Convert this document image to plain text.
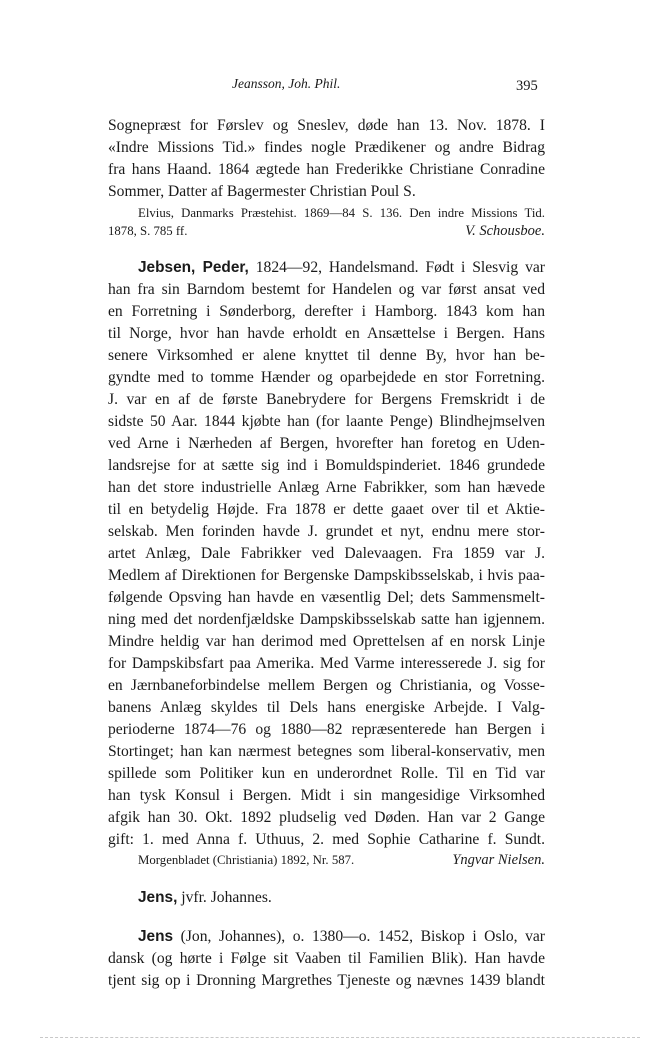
Jeansson, Joh. Phil.	395
Sognepræst for Førslev og Sneslev, døde han 13. Nov. 1878. I
«Indre Missions Tid.» findes nogle Prædikener og andre Bidrag
fra hans Haand. 1864 ægtede han Frederikke Christiane Conradine
Sommer, Datter af Bagermester Christian Poul S.
Elvius, Danmarks Præstehist. 1869—84 S. 136. Den indre Missions Tid.
1878, S. 785 ff.	V. Schousboe.
Jebsen, Peder, 1824—92, Handelsmand. Født i Slesvig var
han fra sin Barndom bestemt for Handelen og var først ansat ved
en Forretning i Sønderborg, derefter i Hamborg. 1843 kom han
til Norge, hvor han havde erholdt en Ansættelse i Bergen. Hans
senere Virksomhed er alene knyttet til denne By, hvor han be-
gyndte med to tomme Hænder og oparbejdede en stor Forretning.
J. var en af de første Banebrydere for Bergens Fremskridt i de
sidste 50 Aar. 1844 kjøbte han (for laante Penge) Blindhejmselven
ved Arne i Nærheden af Bergen, hvorefter han foretog en Uden-
landsrejse for at sætte sig ind i Bomuldspinderiet. 1846 grundede
han det store industrielle Anlæg Arne Fabrikker, som han hævede
til en betydelig Højde. Fra 1878 er dette gaaet over til et Aktie-
selskab. Men forinden havde J. grundet et nyt, endnu mere stor-
artet Anlæg, Dale Fabrikker ved Dalevaagen. Fra 1859 var J.
Medlem af Direktionen for Bergenske Dampskibsselskab, i hvis paa-
følgende Opsving han havde en væsentlig Del; dets Sammensmelt-
ning med det nordenfjældske Dampskibsselskab satte han igjennem.
Mindre heldig var han derimod med Oprettelsen af en norsk Linje
for Dampskibsfart paa Amerika. Med Varme interesserede J. sig for
en Jærnbaneforbindelse mellem Bergen og Christiania, og Vosse-
banens Anlæg skyldes til Dels hans energiske Arbejde. I Valg-
perioderne 1874—76 og 1880—82 repræsenterede han Bergen i
Stortinget; han kan nærmest betegnes som liberal-konservativ, men
spillede som Politiker kun en underordnet Rolle. Til en Tid var
han tysk Konsul i Bergen. Midt i sin mangesidige Virksomhed
afgik han 30. Okt. 1892 pludselig ved Døden. Han var 2 Gange
gift: 1. med Anna f. Uthuus, 2. med Sophie Catharine f. Sundt.
Morgenbladet (Christiania) 1892, Nr. 587.	Yngvar Nielsen.
Jens, jvfr. Johannes.
Jens (Jon, Johannes), o. 1380—o. 1452, Biskop i Oslo, var
dansk (og hørte i Følge sit Vaaben til Familien Blik). Han havde
tjent sig op i Dronning Margrethes Tjeneste og nævnes 1439 blandt
